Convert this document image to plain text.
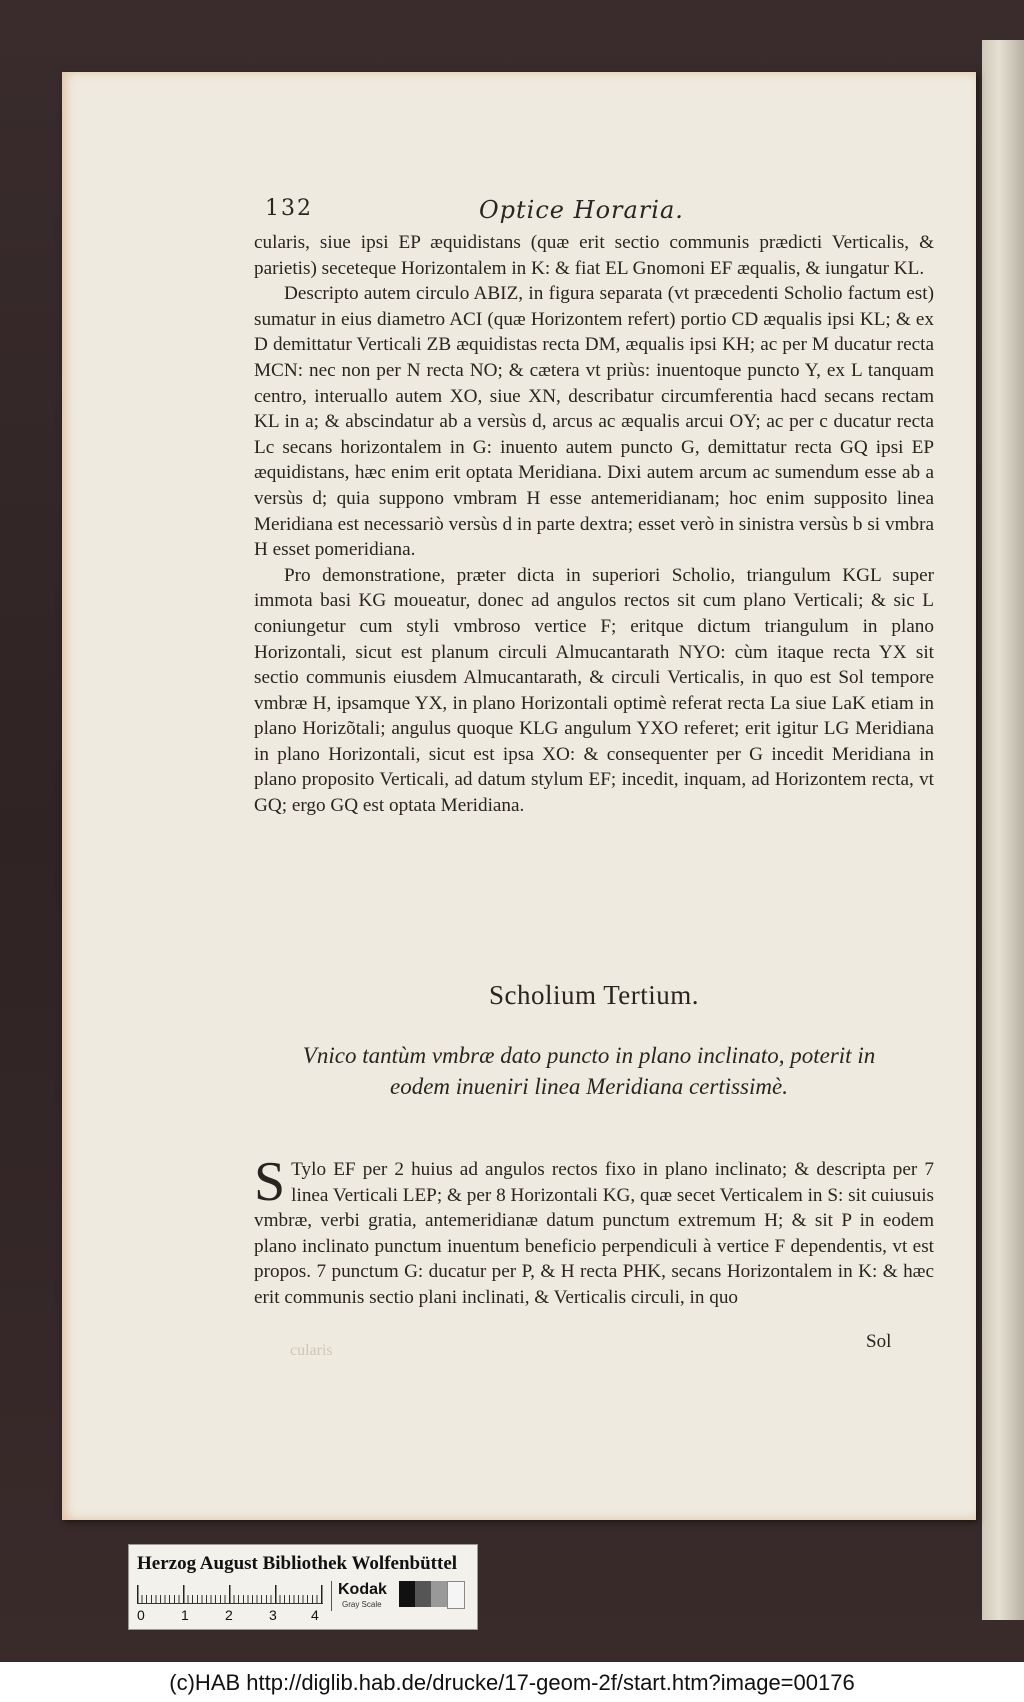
132	Optice Horaria.

cularis, siue ipsi EP æquidistans (quæ erit sectio communis prædicti Verticalis, & parietis) seceteque Horizontalem in K: & fiat EL Gnomoni EF æqualis, & iungatur KL.

Descripto autem circulo ABIZ, in figura separata (vt præcedenti Scholio factum est) sumatur in eius diametro ACI (quæ Horizontem refert) portio CD æqualis ipsi KL; & ex D demittatur Verticali ZB æquidistas recta DM, æqualis ipsi KH; ac per M ducatur recta MCN: nec non per N recta NO; & cætera vt priùs: inuentoque puncto Y, ex L tanquam centro, interuallo autem XO, siue XN, describatur circumferentia hacd secans rectam KL in a; & abscindatur ab a versùs d, arcus ac æqualis arcui OY; ac per c ducatur recta Lc secans horizontalem in G: inuento autem puncto G, demittatur recta GQ ipsi EP æquidistans, hæc enim erit optata Meridiana. Dixi autem arcum ac sumendum esse ab a versùs d; quia suppono vmbram H esse antemeridianam; hoc enim supposito linea Meridiana est necessariò versùs d in parte dextra; esset verò in sinistra versùs b si vmbra H esset pomeridiana.

Pro demonstratione, præter dicta in superiori Scholio, triangulum KGL super immota basi KG moueatur, donec ad angulos rectos sit cum plano Verticali; & sic L coniungetur cum styli vmbroso vertice F; eritque dictum triangulum in plano Horizontali, sicut est planum circuli Almucantarath NYO: cùm itaque recta YX sit sectio communis eiusdem Almucantarath, & circuli Verticalis, in quo est Sol tempore vmbræ H, ipsamque YX, in plano Horizontali optimè referat recta La siue LaK etiam in plano Horizõtali; angulus quoque KLG angulum YXO referet; erit igitur LG Meridiana in plano Horizontali, sicut est ipsa XO: & consequenter per G incedit Meridiana in plano proposito Verticali, ad datum stylum EF; incedit, inquam, ad Horizontem recta, vt GQ; ergo GQ est optata Meridiana.

Scholium Tertium.
Vnico tantùm vmbræ dato puncto in plano inclinato, poterit in eodem inueniri linea Meridiana certissimè.

S Tylo EF per 2 huius ad angulos rectos fixo in plano inclinato; & descripta per 7 linea Verticali LEP; & per 8 Horizontali KG, quæ secet Verticalem in S: sit cuiusuis vmbræ, verbi gratia, antemeridianæ datum punctum extremum H; & sit P in eodem plano inclinato punctum inuentum beneficio perpendiculi à vertice F dependentis, vt est propos. 7 punctum G: ducatur per P, & H recta PHK, secans Horizontalem in K: & hæc erit communis sectio plani inclinati, & Verticalis circuli, in quo

Sol
cularis
Herzog August Bibliothek Wolfenbüttel
0	1	2	3 4
Kodak
Gray Scale
(c)HAB http://diglib.hab.de/drucke/17-geom-2f/start.htm?image=00176
